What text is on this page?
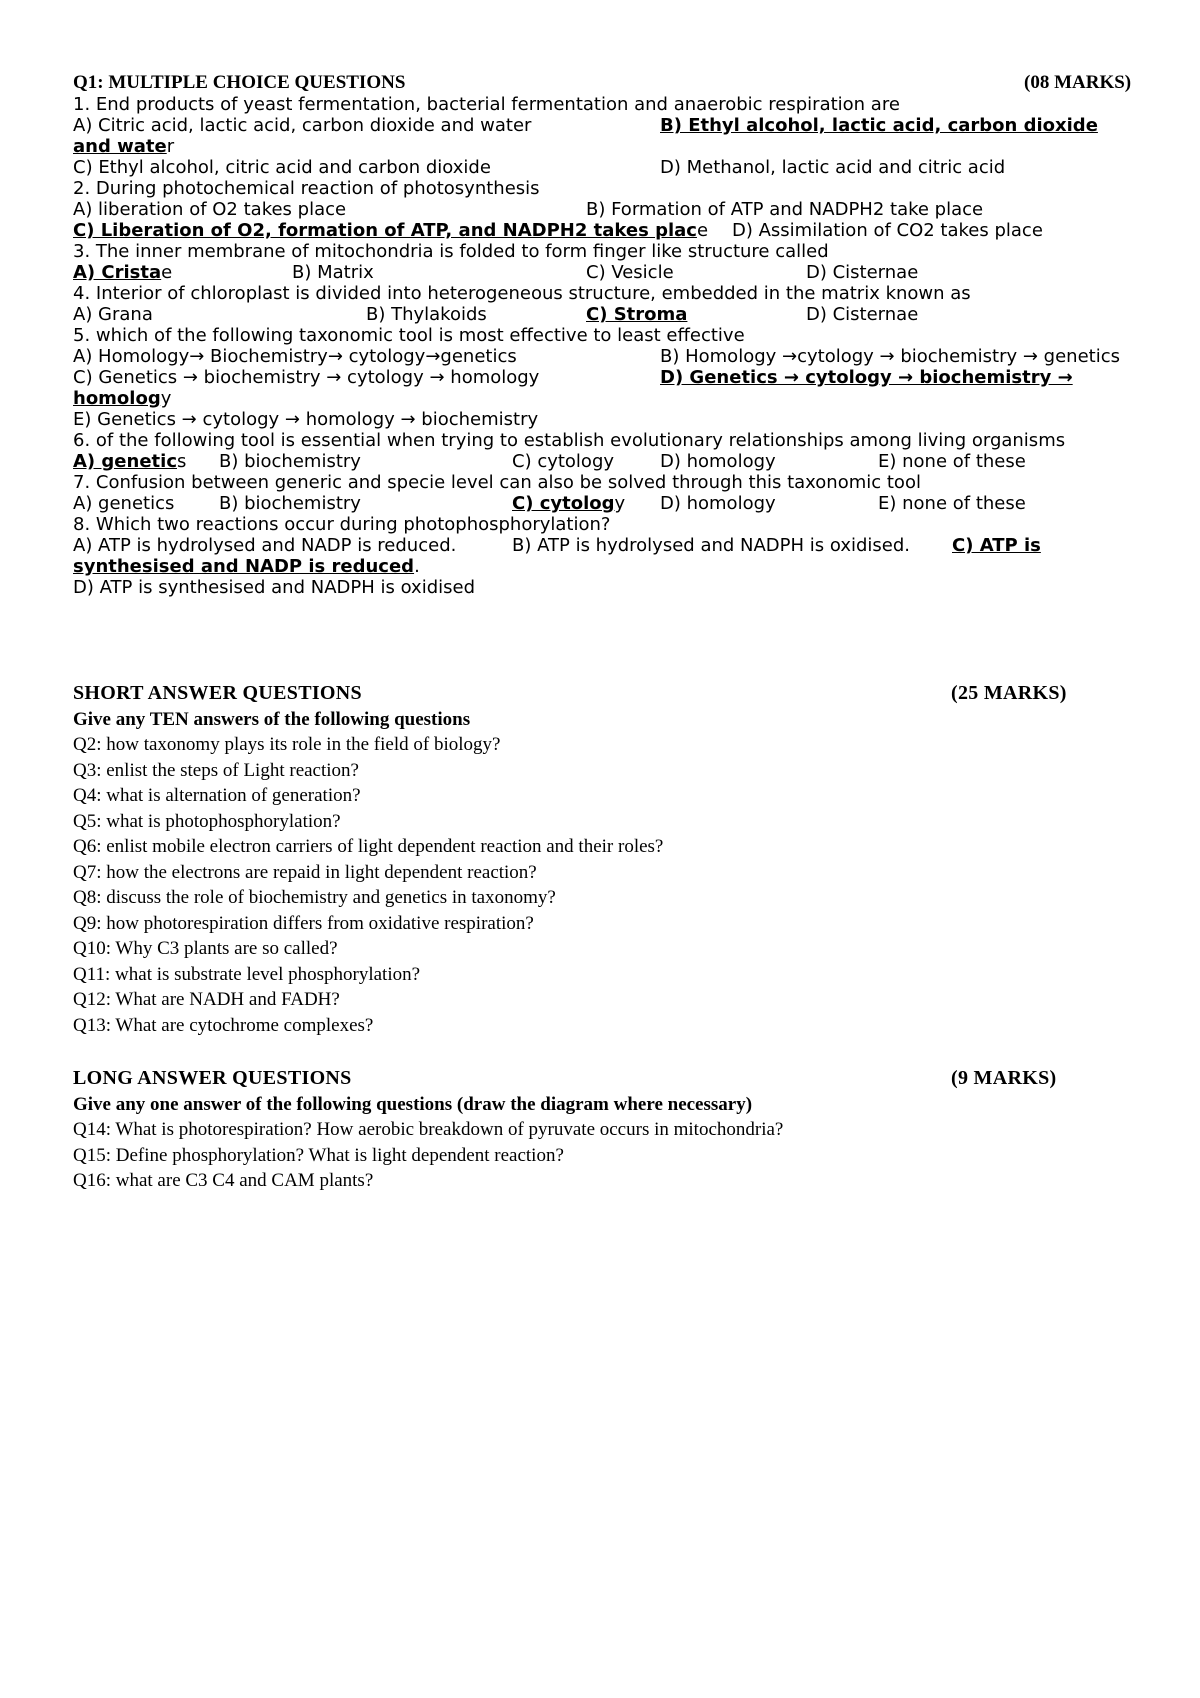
Q1: MULTIPLE CHOICE QUESTIONS	(08 MARKS)
1. End products of yeast fermentation, bacterial fermentation and anaerobic respiration are
A) Citric acid, lactic acid, carbon dioxide and water	B) Ethyl alcohol, lactic acid, carbon dioxide
and water
C) Ethyl alcohol, citric acid and carbon dioxide	D) Methanol, lactic acid and citric acid
2. During photochemical reaction of photosynthesis
A) liberation of O2 takes place	B) Formation of ATP and NADPH2 take place
C) Liberation of O2, formation of ATP, and NADPH2 takes place D) Assimilation of CO2 takes place
3. The inner membrane of mitochondria is folded to form finger like structure called
A) Cristae	B) Matrix	C) Vesicle	D) Cisternae
4. Interior of chloroplast is divided into heterogeneous structure, embedded in the matrix known as
A) Grana	B) Thylakoids	C) Stroma	D) Cisternae
5. which of the following taxonomic tool is most effective to least effective
A) Homology→ Biochemistry→ cytology→genetics	B) Homology →cytology → biochemistry → genetics
C) Genetics → biochemistry → cytology → homology	D) Genetics → cytology → biochemistry →
homology
E) Genetics → cytology → homology → biochemistry
6. of the following tool is essential when trying to establish evolutionary relationships among living organisms
A) genetics B) biochemistry	C) cytology	D) homology	E) none of these
7. Confusion between generic and specie level can also be solved through this taxonomic tool
A) genetics B) biochemistry	C) cytology D) homology	E) none of these
8. Which two reactions occur during photophosphorylation?
A) ATP is hydrolysed and NADP is reduced.	B) ATP is hydrolysed and NADPH is oxidised. C) ATP is
synthesised and NADP is reduced.
D) ATP is synthesised and NADPH is oxidised
SHORT ANSWER QUESTIONS	(25 MARKS)
Give any TEN answers of the following questions
Q2: how taxonomy plays its role in the field of biology?
Q3: enlist the steps of Light reaction?
Q4: what is alternation of generation?
Q5: what is photophosphorylation?
Q6: enlist mobile electron carriers of light dependent reaction and their roles?
Q7: how the electrons are repaid in light dependent reaction?
Q8: discuss the role of biochemistry and genetics in taxonomy?
Q9: how photorespiration differs from oxidative respiration?
Q10: Why C3 plants are so called?
Q11: what is substrate level phosphorylation?
Q12: What are NADH and FADH?
Q13: What are cytochrome complexes?
LONG ANSWER QUESTIONS	(9 MARKS)
Give any one answer of the following questions (draw the diagram where necessary)
Q14: What is photorespiration? How aerobic breakdown of pyruvate occurs in mitochondria?
Q15: Define phosphorylation? What is light dependent reaction?
Q16: what are C3 C4 and CAM plants?
